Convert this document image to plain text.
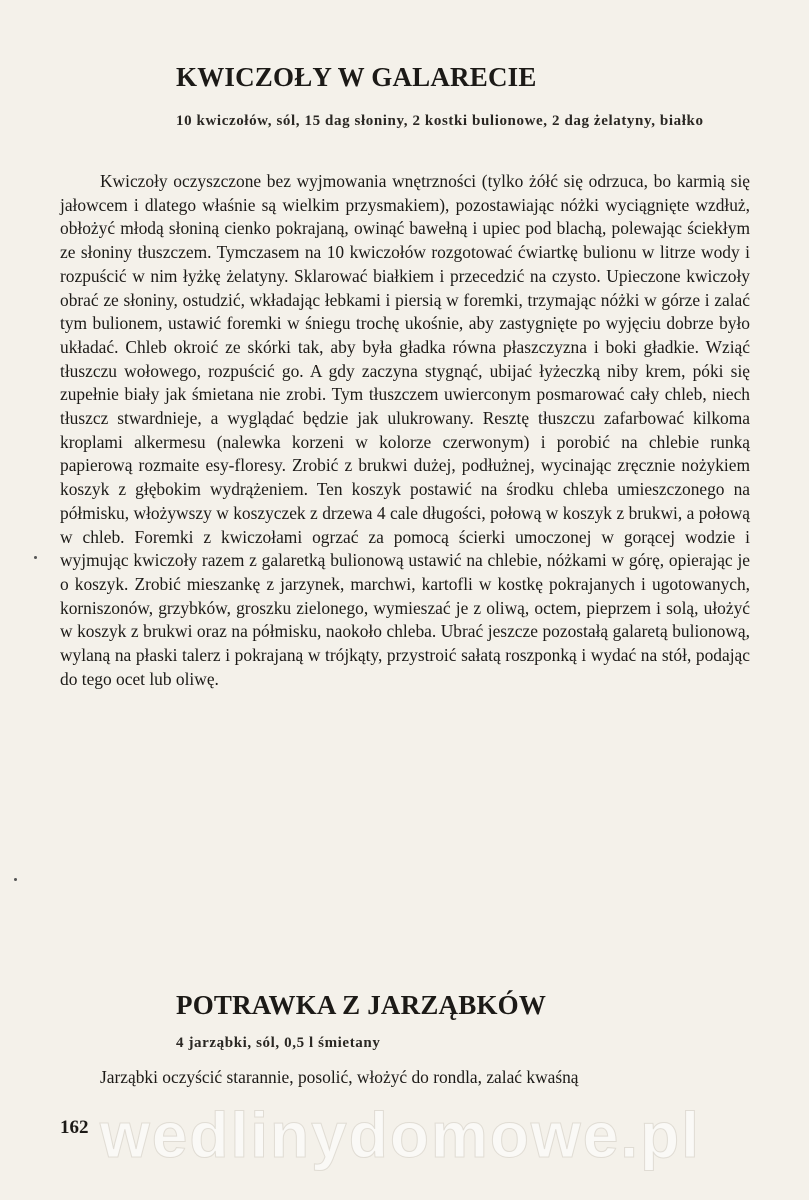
KWICZOŁY W GALARECIE

10 kwiczołów, sól, 15 dag słoniny, 2 kostki bulionowe, 2 dag żelatyny, białko

Kwiczoły oczyszczone bez wyjmowania wnętrzności (tylko żółć się odrzuca, bo karmią się jałowcem i dlatego właśnie są wielkim przysmakiem), pozostawiając nóżki wyciągnięte wzdłuż, obłożyć młodą słoniną cienko pokrajaną, owinąć bawełną i upiec pod blachą, polewając ściekłym ze słoniny tłuszczem. Tymczasem na 10 kwiczołów rozgotować ćwiartkę bulionu w litrze wody i rozpuścić w nim łyżkę żelatyny. Sklarować białkiem i przecedzić na czysto. Upieczone kwiczoły obrać ze słoniny, ostudzić, wkładając łebkami i piersią w foremki, trzymając nóżki w górze i zalać tym bulionem, ustawić foremki w śniegu trochę ukośnie, aby zastygnięte po wyjęciu dobrze było układać. Chleb okroić ze skórki tak, aby była gładka równa płaszczyzna i boki gładkie. Wziąć tłuszczu wołowego, rozpuścić go. A gdy zaczyna stygnąć, ubijać łyżeczką niby krem, póki się zupełnie biały jak śmietana nie zrobi. Tym tłuszczem uwierconym posmarować cały chleb, niech tłuszcz stwardnieje, a wyglądać będzie jak ulukrowany. Resztę tłuszczu zafarbować kilkoma kroplami alkermesu (nalewka korzeni w kolorze czerwonym) i porobić na chlebie runką papierową rozmaite esy-floresy. Zrobić z brukwi dużej, podłużnej, wycinając zręcznie nożykiem koszyk z głębokim wydrążeniem. Ten koszyk postawić na środku chleba umieszczonego na półmisku, włożywszy w koszyczek z drzewa 4 cale długości, połową w koszyk z brukwi, a połową w chleb. Foremki z kwiczołami ogrzać za pomocą ścierki umoczonej w gorącej wodzie i wyjmując kwiczoły razem z galaretką bulionową ustawić na chlebie, nóżkami w górę, opierając je o koszyk. Zrobić mieszankę z jarzynek, marchwi, kartofli w kostkę pokrajanych i ugotowanych, korniszonów, grzybków, groszku zielonego, wymieszać je z oliwą, octem, pieprzem i solą, ułożyć w koszyk z brukwi oraz na półmisku, naokoło chleba. Ubrać jeszcze pozostałą galaretą bulionową, wylaną na płaski talerz i pokrajaną w trójkąty, przystroić sałatą roszponką i wydać na stół, podając do tego ocet lub oliwę.

POTRAWKA Z JARZĄBKÓW

4 jarząbki, sól, 0,5 l śmietany

Jarząbki oczyścić starannie, posolić, włożyć do rondla, zalać kwaśną

162 wedlinydomowe.pl
